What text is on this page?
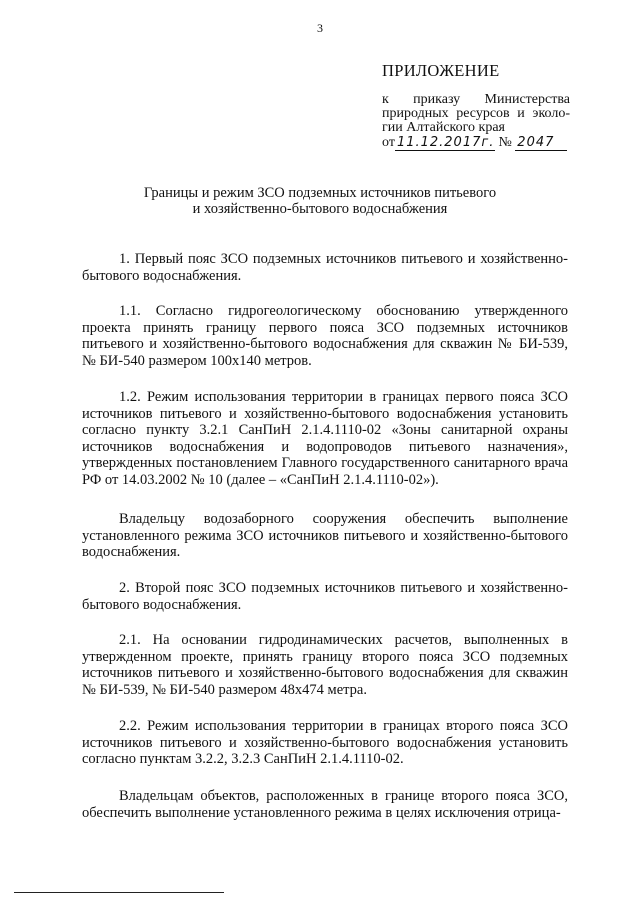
3
ПРИЛОЖЕНИЕ
к приказу Министерства
природных ресурсов и эколо-
гии Алтайского края
от 11.12.2017г. № 2047
Границы и режим ЗСО подземных источников питьевого
и хозяйственно-бытового водоснабжения

1. Первый пояс ЗСО подземных источников питьевого и хозяйственно-бытового водоснабжения.

1.1. Согласно гидрогеологическому обоснованию утвержденного проекта принять границу первого пояса ЗСО подземных источников питьевого и хозяйственно-бытового водоснабжения для скважин № БИ-539, № БИ-540 размером 100х140 метров.

1.2. Режим использования территории в границах первого пояса ЗСО источников питьевого и хозяйственно-бытового водоснабжения установить согласно пункту 3.2.1 СанПиН 2.1.4.1110-02 «Зоны санитарной охраны источников водоснабжения и водопроводов питьевого назначения», утвержденных постановлением Главного государственного санитарного врача РФ от 14.03.2002 № 10 (далее – «СанПиН 2.1.4.1110-02»).

Владельцу водозаборного сооружения обеспечить выполнение установленного режима ЗСО источников питьевого и хозяйственно-бытового водоснабжения.

2. Второй пояс ЗСО подземных источников питьевого и хозяйственно-бытового водоснабжения.

2.1. На основании гидродинамических расчетов, выполненных в утвержденном проекте, принять границу второго пояса ЗСО подземных источников питьевого и хозяйственно-бытового водоснабжения для скважин № БИ-539, № БИ-540 размером 48х474 метра.

2.2. Режим использования территории в границах второго пояса ЗСО источников питьевого и хозяйственно-бытового водоснабжения установить согласно пунктам 3.2.2, 3.2.3 СанПиН 2.1.4.1110-02.

Владельцам объектов, расположенных в границе второго пояса ЗСО, обеспечить выполнение установленного режима в целях исключения отрица-
